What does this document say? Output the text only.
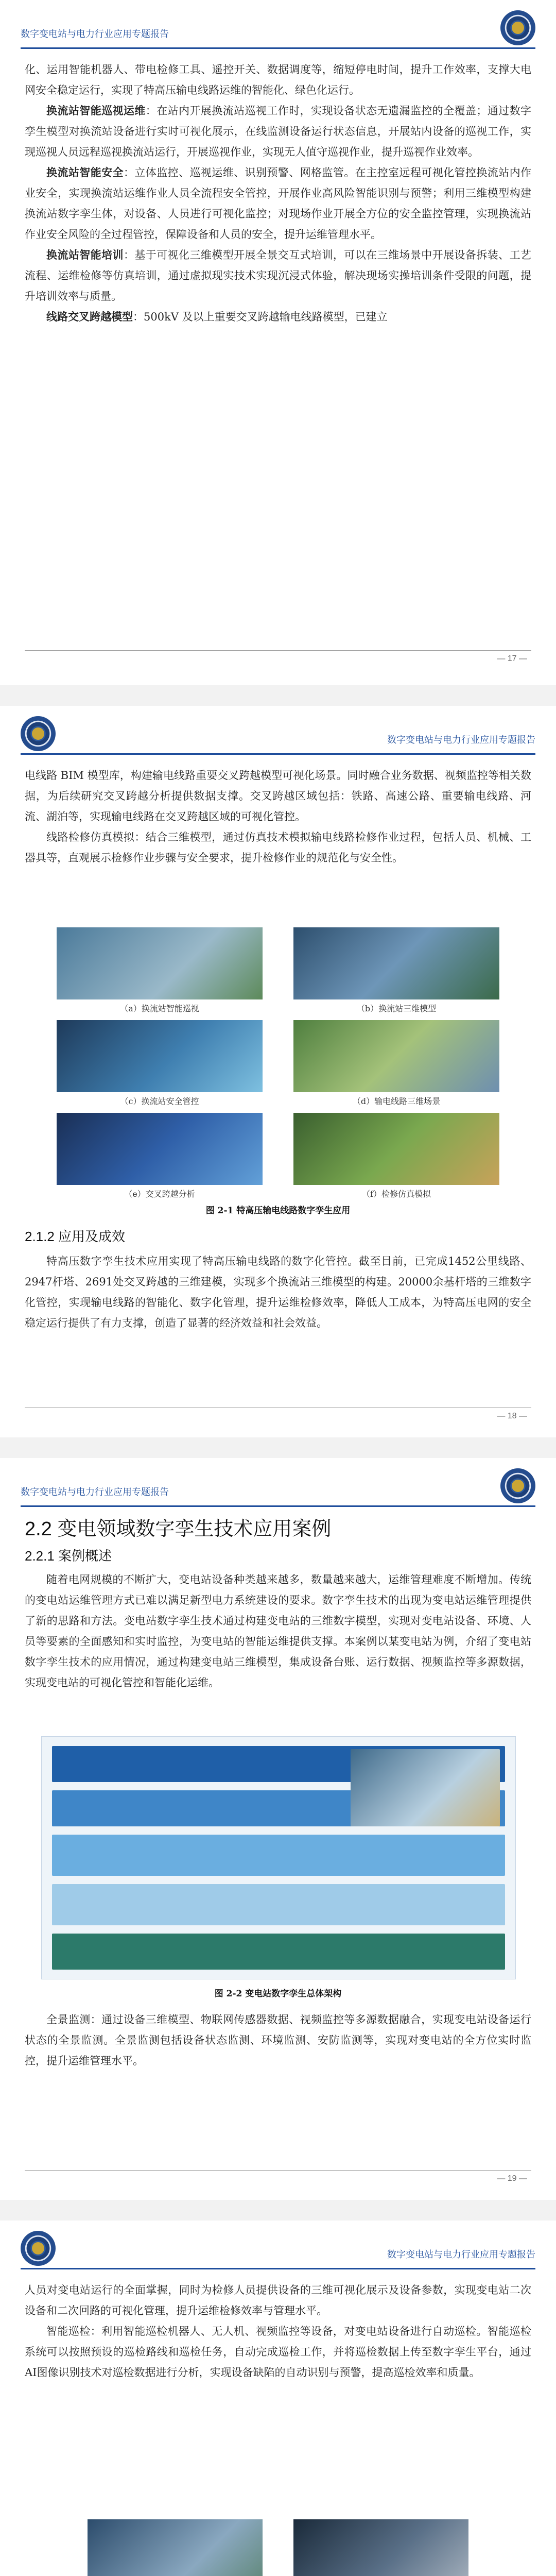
数字变电站与电力行业应用专题报告

化、运用智能机器人、带电检修工具、遥控开关、数据调度等，缩短停电时间，提升工作效率，支撑大电网安全稳定运行，实现了特高压输电线路运维的智能化、绿色化运行。

换流站智能巡视运维：在站内开展换流站巡视工作时，实现设备状态无遗漏监控的全覆盖；通过数字孪生模型对换流站设备进行实时可视化展示，在线监测设备运行状态信息，开展站内设备的巡视工作，实现巡视人员远程巡视换流站运行，开展巡视作业，实现无人值守巡视作业，提升巡视作业效率。

换流站智能安全：立体监控、巡视运维、识别预警、网格监管。在主控室远程可视化管控换流站内作业安全，实现换流站运维作业人员全流程安全管控，开展作业高风险智能识别与预警；利用三维模型构建换流站数字孪生体，对设备、人员进行可视化监控；对现场作业开展全方位的安全监控管理，实现换流站作业安全风险的全过程管控，保障设备和人员的安全，提升运维管理水平。

换流站智能培训：基于可视化三维模型开展全景交互式培训，可以在三维场景中开展设备拆装、工艺流程、运维检修等仿真培训，通过虚拟现实技术实现沉浸式体验，解决现场实操培训条件受限的问题，提升培训效率与质量。

线路交叉跨越模型：500kV 及以上重要交叉跨越输电线路模型，已建立

— 17 —
数字变电站与电力行业应用专题报告

电线路 BIM 模型库，构建输电线路重要交叉跨越模型可视化场景。同时融合业务数据、视频监控等相关数据，为后续研究交叉跨越分析提供数据支撑。交叉跨越区域包括：铁路、高速公路、重要输电线路、河流、湖泊等，实现输电线路在交叉跨越区域的可视化管控。

线路检修仿真模拟：结合三维模型，通过仿真技术模拟输电线路检修作业过程，包括人员、机械、工器具等，直观展示检修作业步骤与安全要求，提升检修作业的规范化与安全性。

（a）换流站智能巡视	（b）换流站三维模型
（c）换流站安全管控	（d）输电线路三维场景
（e）交叉跨越分析	（f）检修仿真模拟
图 2-1 特高压输电线路数字孪生应用
2.1.2 应用及成效

特高压数字孪生技术应用实现了特高压输电线路的数字化管控。截至目前，已完成1452公里线路、2947杆塔、2691处交叉跨越的三维建模，实现多个换流站三维模型的构建。20000余基杆塔的三维数字化管控，实现输电线路的智能化、数字化管理，提升运维检修效率，降低人工成本，为特高压电网的安全稳定运行提供了有力支撑，创造了显著的经济效益和社会效益。

— 18 —
数字变电站与电力行业应用专题报告
2.2 变电领域数字孪生技术应用案例
2.2.1 案例概述

随着电网规模的不断扩大，变电站设备种类越来越多，数量越来越大，运维管理难度不断增加。传统的变电站运维管理方式已难以满足新型电力系统建设的要求。数字孪生技术的出现为变电站运维管理提供了新的思路和方法。变电站数字孪生技术通过构建变电站的三维数字模型，实现对变电站设备、环境、人员等要素的全面感知和实时监控，为变电站的智能运维提供支撑。本案例以某变电站为例，介绍了变电站数字孪生技术的应用情况，通过构建变电站三维模型，集成设备台账、运行数据、视频监控等多源数据，实现变电站的可视化管控和智能化运维。

图 2-2 变电站数字孪生总体架构

全景监测：通过设备三维模型、物联网传感器数据、视频监控等多源数据融合，实现变电站设备运行状态的全景监测。全景监测包括设备状态监测、环境监测、安防监测等，实现对变电站的全方位实时监控，提升运维管理水平。

— 19 —
数字变电站与电力行业应用专题报告

人员对变电站运行的全面掌握，同时为检修人员提供设备的三维可视化展示及设备参数，实现变电站二次设备和二次回路的可视化管理，提升运维检修效率与管理水平。

智能巡检：利用智能巡检机器人、无人机、视频监控等设备，对变电站设备进行自动巡检。智能巡检系统可以按照预设的巡检路线和巡检任务，自动完成巡检工作，并将巡检数据上传至数字孪生平台，通过AI图像识别技术对巡检数据进行分析，实现设备缺陷的自动识别与预警，提高巡检效率和质量。
